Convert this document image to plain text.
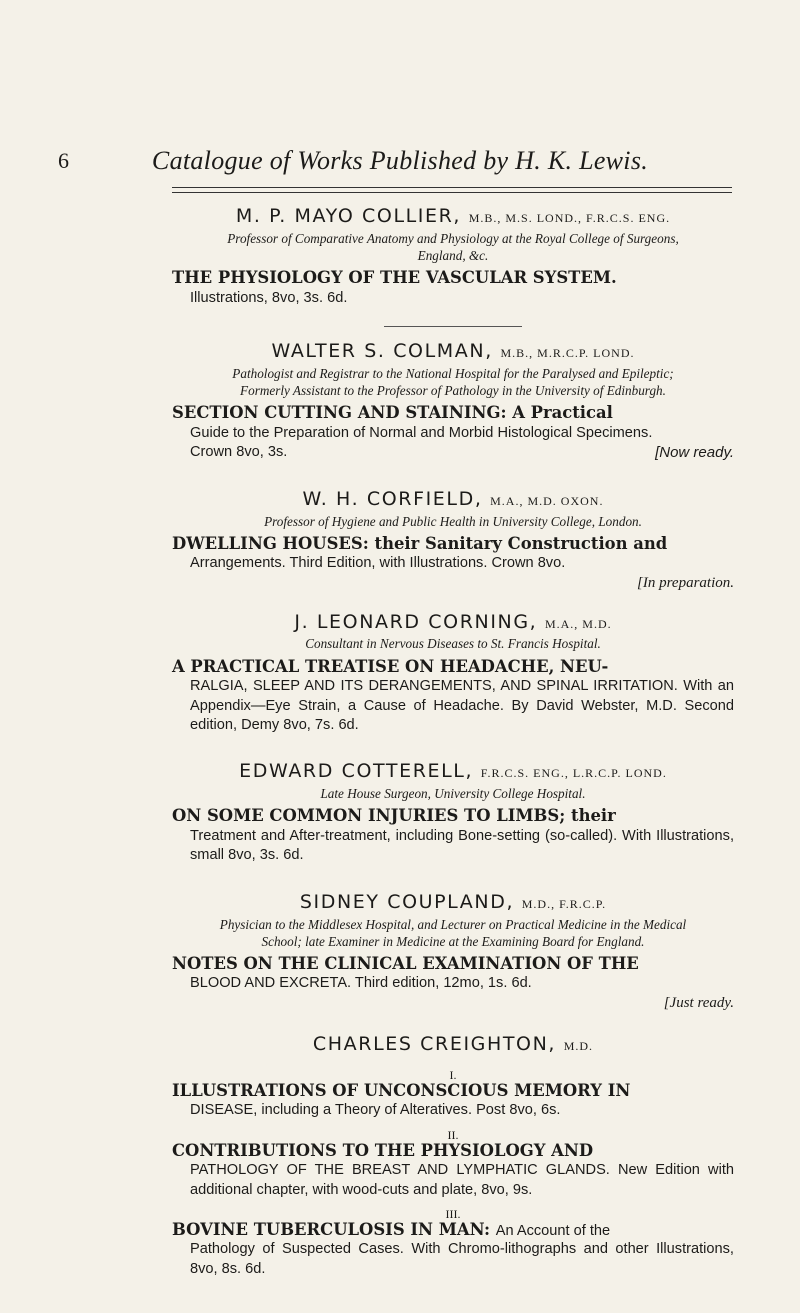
6	Catalogue of Works Published by H. K. Lewis.
M. P. MAYO COLLIER, M.B., M.S. LOND., F.R.C.S. ENG.
Professor of Comparative Anatomy and Physiology at the Royal College of Surgeons,
England, &c.
THE PHYSIOLOGY OF THE VASCULAR SYSTEM.
Illustrations, 8vo, 3s. 6d.
WALTER S. COLMAN, M.B., M.R.C.P. LOND.
Pathologist and Registrar to the National Hospital for the Paralysed and Epileptic;
Formerly Assistant to the Professor of Pathology in the University of Edinburgh.
SECTION CUTTING AND STAINING: A Practical
Guide to the Preparation of Normal and Morbid Histological Specimens.
Crown 8vo, 3s.	[Now ready.
W. H. CORFIELD, M.A., M.D. OXON.
Professor of Hygiene and Public Health in University College, London.
DWELLING HOUSES: their Sanitary Construction and
Arrangements. Third Edition, with Illustrations. Crown 8vo.
[In preparation.
J. LEONARD CORNING, M.A., M.D.
Consultant in Nervous Diseases to St. Francis Hospital.
A PRACTICAL TREATISE ON HEADACHE, NEU-
RALGIA, SLEEP AND ITS DERANGEMENTS, AND SPINAL IRRITATION. With an Appendix—Eye Strain, a Cause of Headache. By David Webster, M.D. Second edition, Demy 8vo, 7s. 6d.
EDWARD COTTERELL, F.R.C.S. ENG., L.R.C.P. LOND.
Late House Surgeon, University College Hospital.
ON SOME COMMON INJURIES TO LIMBS; their
Treatment and After-treatment, including Bone-setting (so-called). With Illustrations, small 8vo, 3s. 6d.
SIDNEY COUPLAND, M.D., F.R.C.P.
Physician to the Middlesex Hospital, and Lecturer on Practical Medicine in the Medical
School; late Examiner in Medicine at the Examining Board for England.
NOTES ON THE CLINICAL EXAMINATION OF THE
BLOOD AND EXCRETA. Third edition, 12mo, 1s. 6d.
[Just ready.
CHARLES CREIGHTON, M.D.
I.
ILLUSTRATIONS OF UNCONSCIOUS MEMORY IN
DISEASE, including a Theory of Alteratives. Post 8vo, 6s.
II.
CONTRIBUTIONS TO THE PHYSIOLOGY AND
PATHOLOGY OF THE BREAST AND LYMPHATIC GLANDS. New Edition with additional chapter, with wood-cuts and plate, 8vo, 9s.
III.
BOVINE TUBERCULOSIS IN MAN: An Account of the
Pathology of Suspected Cases. With Chromo-lithographs and other Illustrations, 8vo, 8s. 6d.
